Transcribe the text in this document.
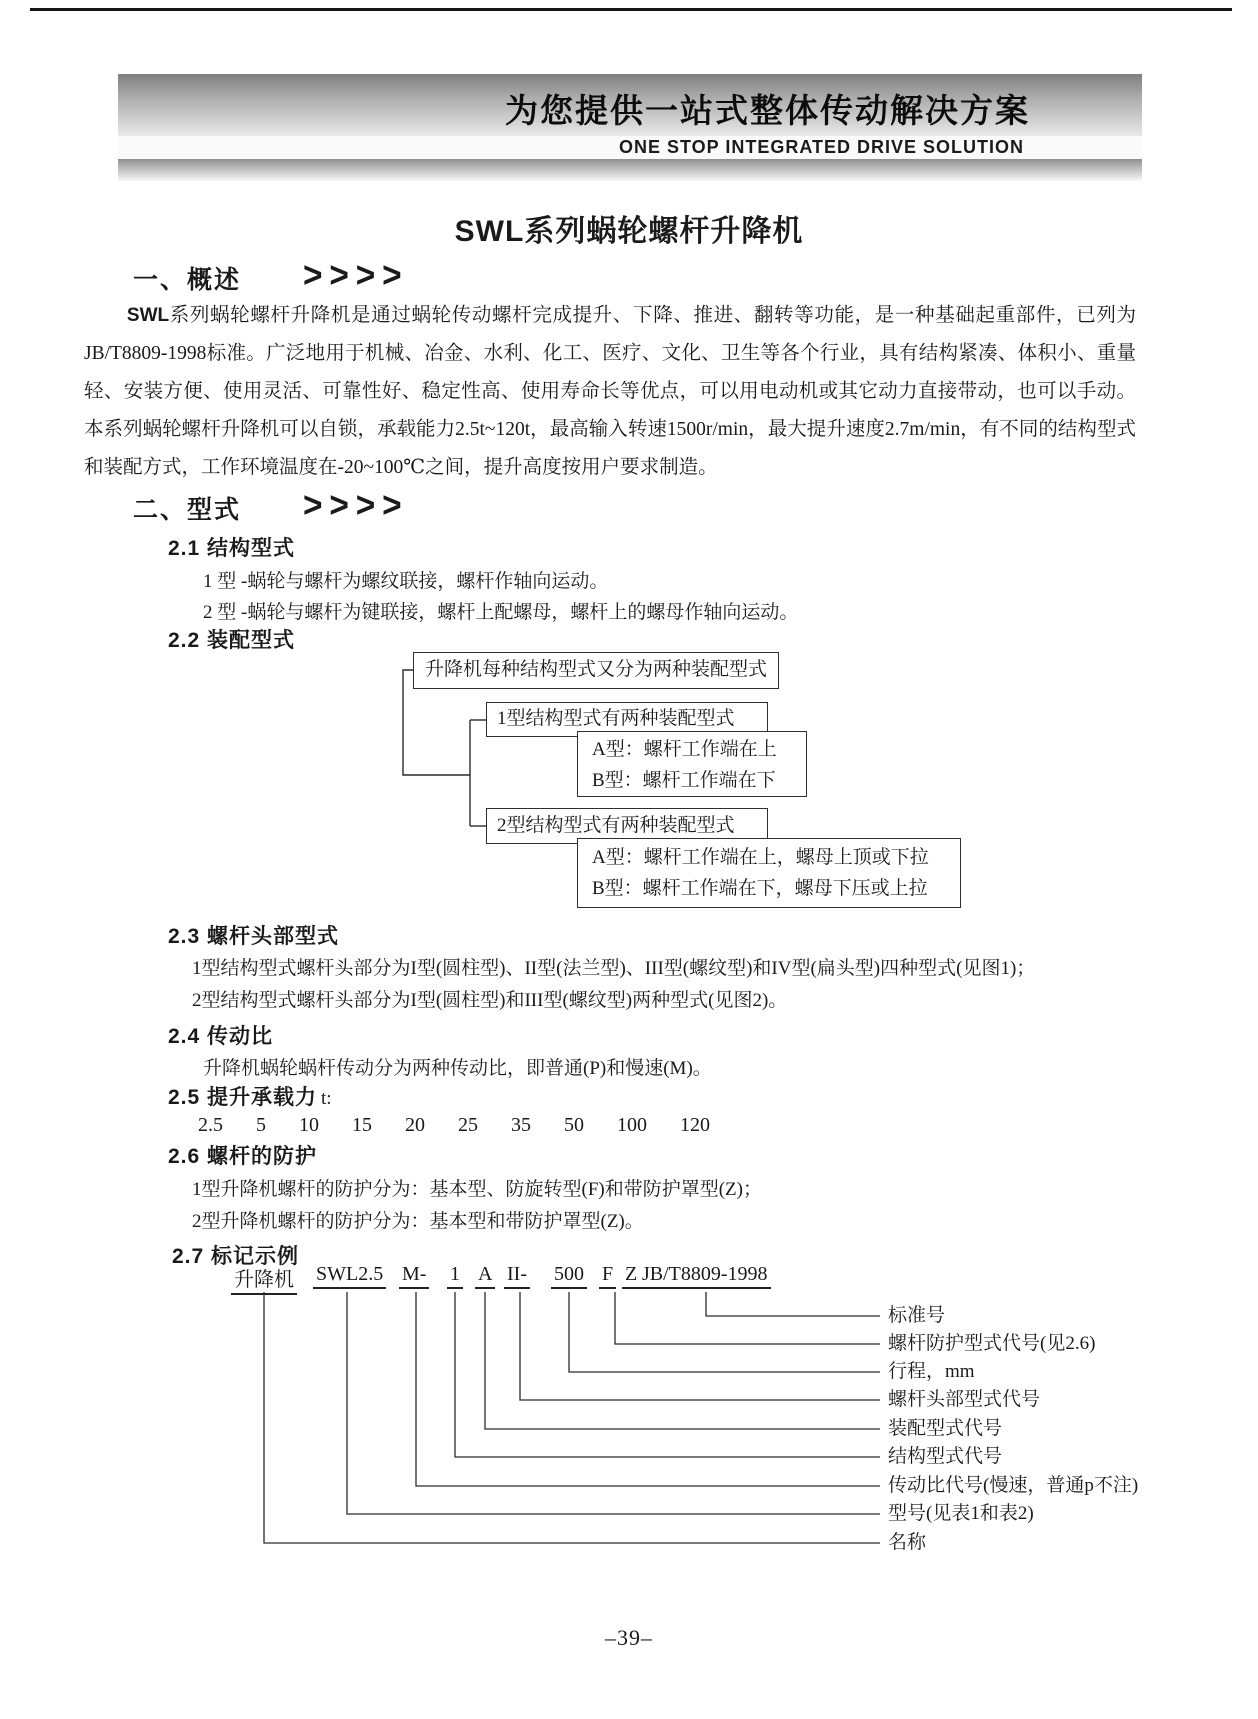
为您提供一站式整体传动解决方案
ONE STOP INTEGRATED DRIVE SOLUTION
SWL系列蜗轮螺杆升降机
一、概述 >>>>

SWL系列蜗轮螺杆升降机是通过蜗轮传动螺杆完成提升、下降、推进、翻转等功能，是一种基础起重部件，已列为JB/T8809-1998标准。广泛地用于机械、冶金、水利、化工、医疗、文化、卫生等各个行业，具有结构紧凑、体积小、重量轻、安装方便、使用灵活、可靠性好、稳定性高、使用寿命长等优点，可以用电动机或其它动力直接带动，也可以手动。本系列蜗轮螺杆升降机可以自锁，承载能力2.5t~120t，最高输入转速1500r/min，最大提升速度2.7m/min，有不同的结构型式和装配方式，工作环境温度在-20~100℃之间，提升高度按用户要求制造。

二、型式 >>>>
2.1 结构型式
1 型 -蜗轮与螺杆为螺纹联接，螺杆作轴向运动。
2 型 -蜗轮与螺杆为键联接，螺杆上配螺母，螺杆上的螺母作轴向运动。
2.2 装配型式
升降机每种结构型式又分为两种装配型式
1型结构型式有两种装配型式
A型：螺杆工作端在上
B型：螺杆工作端在下
2型结构型式有两种装配型式
A型：螺杆工作端在上，螺母上顶或下拉
B型：螺杆工作端在下，螺母下压或上拉
2.3 螺杆头部型式
1型结构型式螺杆头部分为I型(圆柱型)、II型(法兰型)、III型(螺纹型)和IV型(扁头型)四种型式(见图1)；
2型结构型式螺杆头部分为I型(圆柱型)和III型(螺纹型)两种型式(见图2)。
2.4 传动比
升降机蜗轮蜗杆传动分为两种传动比，即普通(P)和慢速(M)。
2.5 提升承载力 t:
2.5 5 10 15 20 25 35 50 100 120
2.6 螺杆的防护
1型升降机螺杆的防护分为：基本型、防旋转型(F)和带防护罩型(Z)；
2型升降机螺杆的防护分为：基本型和带防护罩型(Z)。
2.7 标记示例
升降机 SWL2.5 M- 1 A II- 500 F Z JB/T8809-1998
标准号
螺杆防护型式代号(见2.6)
行程，mm
螺杆头部型式代号
装配型式代号
结构型式代号
传动比代号(慢速，普通p不注)
型号(见表1和表2)
名称
–39–
